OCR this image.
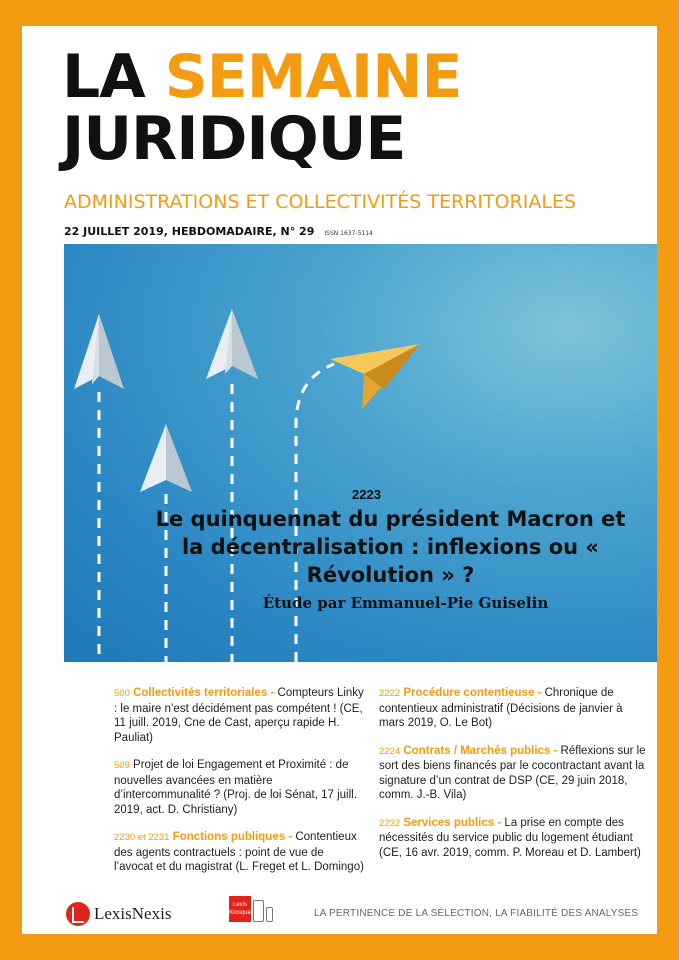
LA SEMAINE
JURIDIQUE
ADMINISTRATIONS ET COLLECTIVITÉS TERRITORIALES
22 JUILLET 2019, HEBDOMADAIRE, N° 29 ISSN 1637-5114
2223
Le quinquennat du président Macron et la décentralisation : inflexions ou « Révolution » ?
Étude par Emmanuel-Pie Guiselin
500 Collectivités territoriales - Compteurs Linky : le maire n’est décidément pas compétent ! (CE, 11 juill. 2019, Cne de Cast, aperçu rapide H. Pauliat)
509 Projet de loi Engagement et Proximité : de nouvelles avancées en matière d’intercommunalité ? (Proj. de loi Sénat, 17 juill. 2019, act. D. Christiany)
2230 et 2231 Fonctions publiques - Contentieux des agents contractuels : point de vue de l’avocat et du magistrat (L. Freget et L. Domingo)
2222 Procédure contentieuse - Chronique de contentieux administratif (Décisions de janvier à mars 2019, O. Le Bot)
2224 Contrats / Marchés publics - Réflexions sur le sort des biens financés par le cocontractant avant la signature d’un contrat de DSP (CE, 29 juin 2018, comm. J.-B. Vila)
2232 Services publics - La prise en compte des nécessités du service public du logement étudiant (CE, 16 avr. 2019, comm. P. Moreau et D. Lambert)
LexisNexis	Lexis Kiosque	LA PERTINENCE DE LA SÉLECTION, LA FIABILITÉ DES ANALYSES
